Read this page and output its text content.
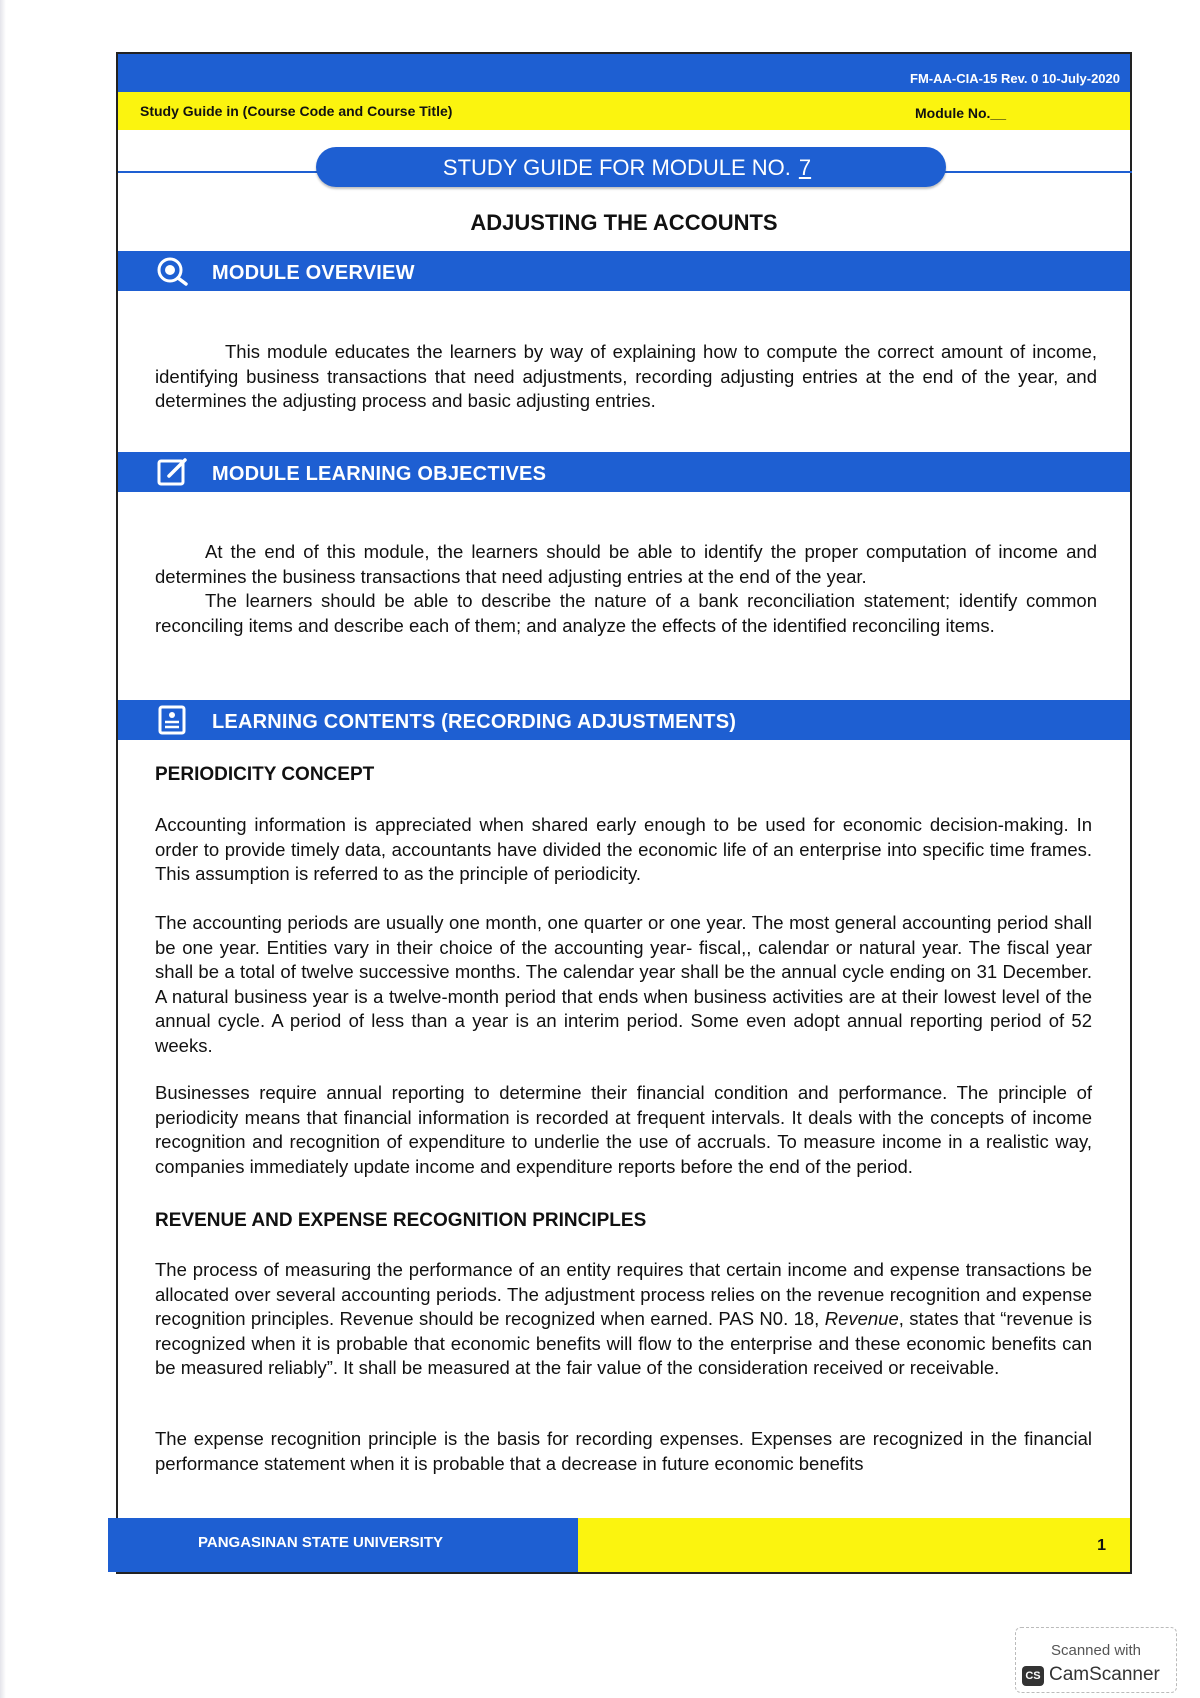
FM-AA-CIA-15 Rev. 0 10-July-2020
Study Guide in (Course Code and Course Title)	Module No.__
STUDY GUIDE FOR MODULE NO. 7
ADJUSTING THE ACCOUNTS
MODULE OVERVIEW
This module educates the learners by way of explaining how to compute the correct amount of income, identifying business transactions that need adjustments, recording adjusting entries at the end of the year, and determines the adjusting process and basic adjusting entries.
MODULE LEARNING OBJECTIVES
At the end of this module, the learners should be able to identify the proper computation of income and determines the business transactions that need adjusting entries at the end of the year.
The learners should be able to describe the nature of a bank reconciliation statement; identify common reconciling items and describe each of them; and analyze the effects of the identified reconciling items.
LEARNING CONTENTS (RECORDING ADJUSTMENTS)
PERIODICITY CONCEPT
Accounting information is appreciated when shared early enough to be used for economic decision-making. In order to provide timely data, accountants have divided the economic life of an enterprise into specific time frames. This assumption is referred to as the principle of periodicity.
The accounting periods are usually one month, one quarter or one year. The most general accounting period shall be one year. Entities vary in their choice of the accounting year- fiscal,, calendar or natural year. The fiscal year shall be a total of twelve successive months. The calendar year shall be the annual cycle ending on 31 December. A natural business year is a twelve-month period that ends when business activities are at their lowest level of the annual cycle. A period of less than a year is an interim period. Some even adopt annual reporting period of 52 weeks.
Businesses require annual reporting to determine their financial condition and performance. The principle of periodicity means that financial information is recorded at frequent intervals. It deals with the concepts of income recognition and recognition of expenditure to underlie the use of accruals. To measure income in a realistic way, companies immediately update income and expenditure reports before the end of the period.
REVENUE AND EXPENSE RECOGNITION PRINCIPLES
The process of measuring the performance of an entity requires that certain income and expense transactions be allocated over several accounting periods. The adjustment process relies on the revenue recognition and expense recognition principles. Revenue should be recognized when earned. PAS N0. 18, Revenue, states that “revenue is recognized when it is probable that economic benefits will flow to the enterprise and these economic benefits can be measured reliably”. It shall be measured at the fair value of the consideration received or receivable.
The expense recognition principle is the basis for recording expenses. Expenses are recognized in the financial performance statement when it is probable that a decrease in future economic benefits
PANGASINAN STATE UNIVERSITY	1
Scanned with
CS CamScanner
